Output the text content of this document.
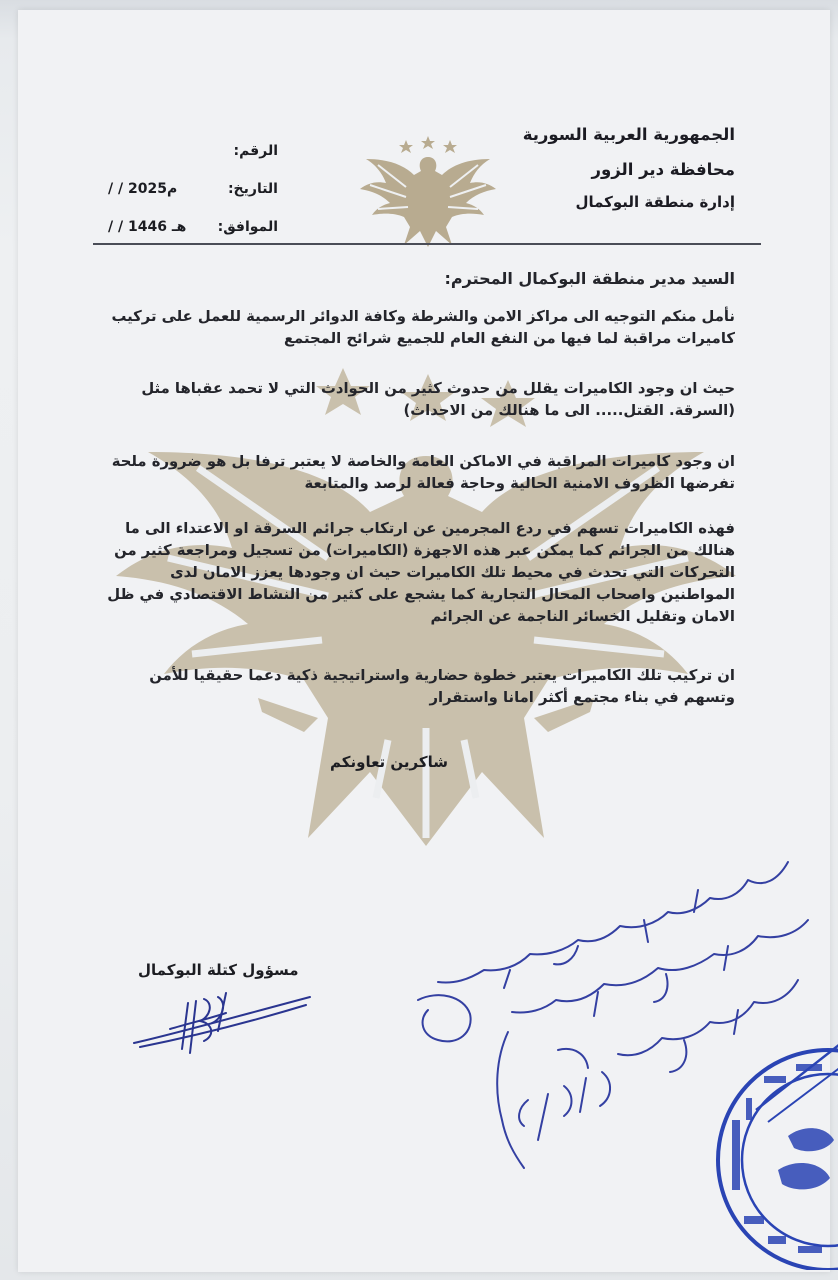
الجمهورية العربية السورية
محافظة دير الزور
إدارة منطقة البوكمال
الرقم:
التاريخ:
/ / 2025م
الموافق:
/ / 1446 هـ
السيد مدير منطقة البوكمال المحترم:
نأمل منكم التوجيه الى مراكز الامن والشرطة وكافة الدوائر الرسمية للعمل على تركيب كاميرات مراقبة لما فيها من النفع العام للجميع شرائح المجتمع
حيث ان وجود الكاميرات يقلل من حدوث كثير من الحوادث التي لا تحمد عقباها مثل (السرقة. القتل..... الى ما هنالك من الاحداث)
ان وجود كاميرات المراقبة في الاماكن العامة والخاصة لا يعتبر ترفا بل هو ضرورة ملحة تفرضها الظروف الامنية الحالية وحاجة فعالة لرصد والمتابعة
فهذه الكاميرات تسهم في ردع المجرمين عن ارتكاب جرائم السرقة او الاعتداء الى ما هنالك من الجرائم كما يمكن عبر هذه الاجهزة (الكاميرات) من تسجيل ومراجعة كثير من التحركات التي تحدث في محيط تلك الكاميرات حيث ان وجودها يعزز الامان لدى المواطنين واصحاب المحال التجارية كما يشجع على كثير من النشاط الاقتصادي في ظل الامان وتقليل الخسائر الناجمة عن الجرائم
ان تركيب تلك الكاميرات يعتبر خطوة حضارية واستراتيجية ذكية دعما حقيقيا للأمن وتسهم في بناء مجتمع أكثر امانا واستقرار
شاكرين تعاونكم
مسؤول كتلة البوكمال
